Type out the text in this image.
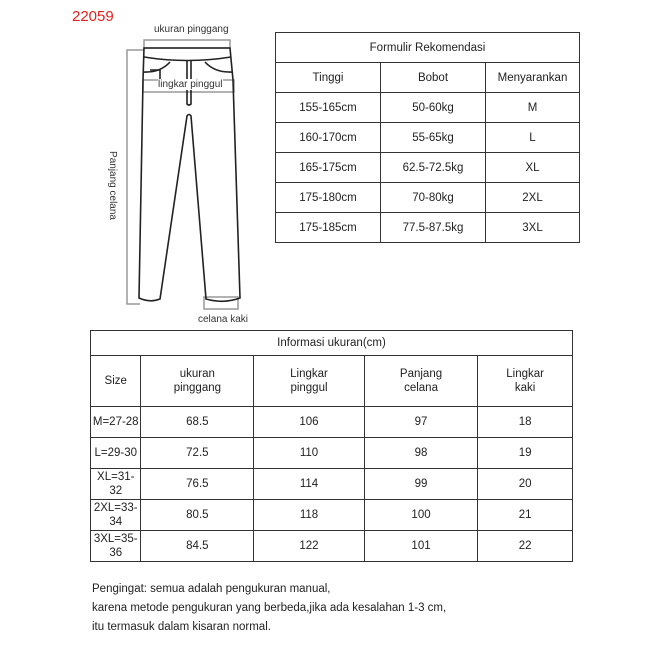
22059
ukuran pinggang
lingkar pinggul
Panjang celana
celana kaki
Formulir Rekomendasi		
Tinggi	Bobot	Menyarankan
155-165cm	50-60kg	M
160-170cm	55-65kg	L
165-175cm	62.5-72.5kg	XL
175-180cm	70-80kg	2XL
175-185cm	77.5-87.5kg	3XL
Informasi ukuran(cm)				
Size	ukuran pinggang	Lingkar pinggul	Panjang celana	Lingkar kaki
M=27-28	68.5	106	97	18
L=29-30	72.5	110	98	19
XL=31-32	76.5	114	99	20
2XL=33-34	80.5	118	100	21
3XL=35-36	84.5	122	101	22
Pengingat: semua adalah pengukuran manual,
karena metode pengukuran yang berbeda,jika ada kesalahan 1-3 cm,
itu termasuk dalam kisaran normal.
